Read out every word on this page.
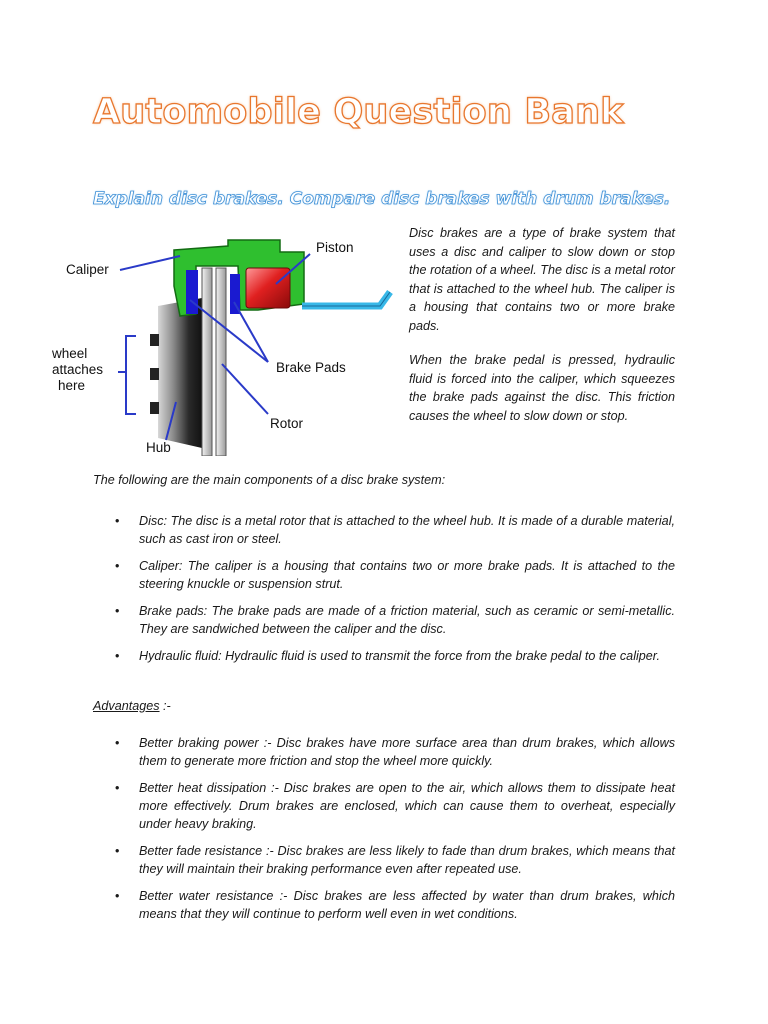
Automobile Question Bank
Explain disc brakes. Compare disc brakes with drum brakes.
Caliper
Piston
wheel
attaches
here
Brake Pads
Rotor
Hub

Disc brakes are a type of brake system that uses a disc and caliper to slow down or stop the rotation of a wheel. The disc is a metal rotor that is attached to the wheel hub. The caliper is a housing that contains two or more brake pads.

When the brake pedal is pressed, hydraulic fluid is forced into the caliper, which squeezes the brake pads against the disc. This friction causes the wheel to slow down or stop.

The following are the main components of a disc brake system:
• Disc: The disc is a metal rotor that is attached to the wheel hub. It is made of a durable material, such as cast iron or steel.
• Caliper: The caliper is a housing that contains two or more brake pads. It is attached to the steering knuckle or suspension strut.
• Brake pads: The brake pads are made of a friction material, such as ceramic or semi-metallic. They are sandwiched between the caliper and the disc.
• Hydraulic fluid: Hydraulic fluid is used to transmit the force from the brake pedal to the caliper.
Advantages :-
• Better braking power :- Disc brakes have more surface area than drum brakes, which allows them to generate more friction and stop the wheel more quickly.
• Better heat dissipation :- Disc brakes are open to the air, which allows them to dissipate heat more effectively. Drum brakes are enclosed, which can cause them to overheat, especially under heavy braking.
• Better fade resistance :- Disc brakes are less likely to fade than drum brakes, which means that they will maintain their braking performance even after repeated use.
• Better water resistance :- Disc brakes are less affected by water than drum brakes, which means that they will continue to perform well even in wet conditions.
